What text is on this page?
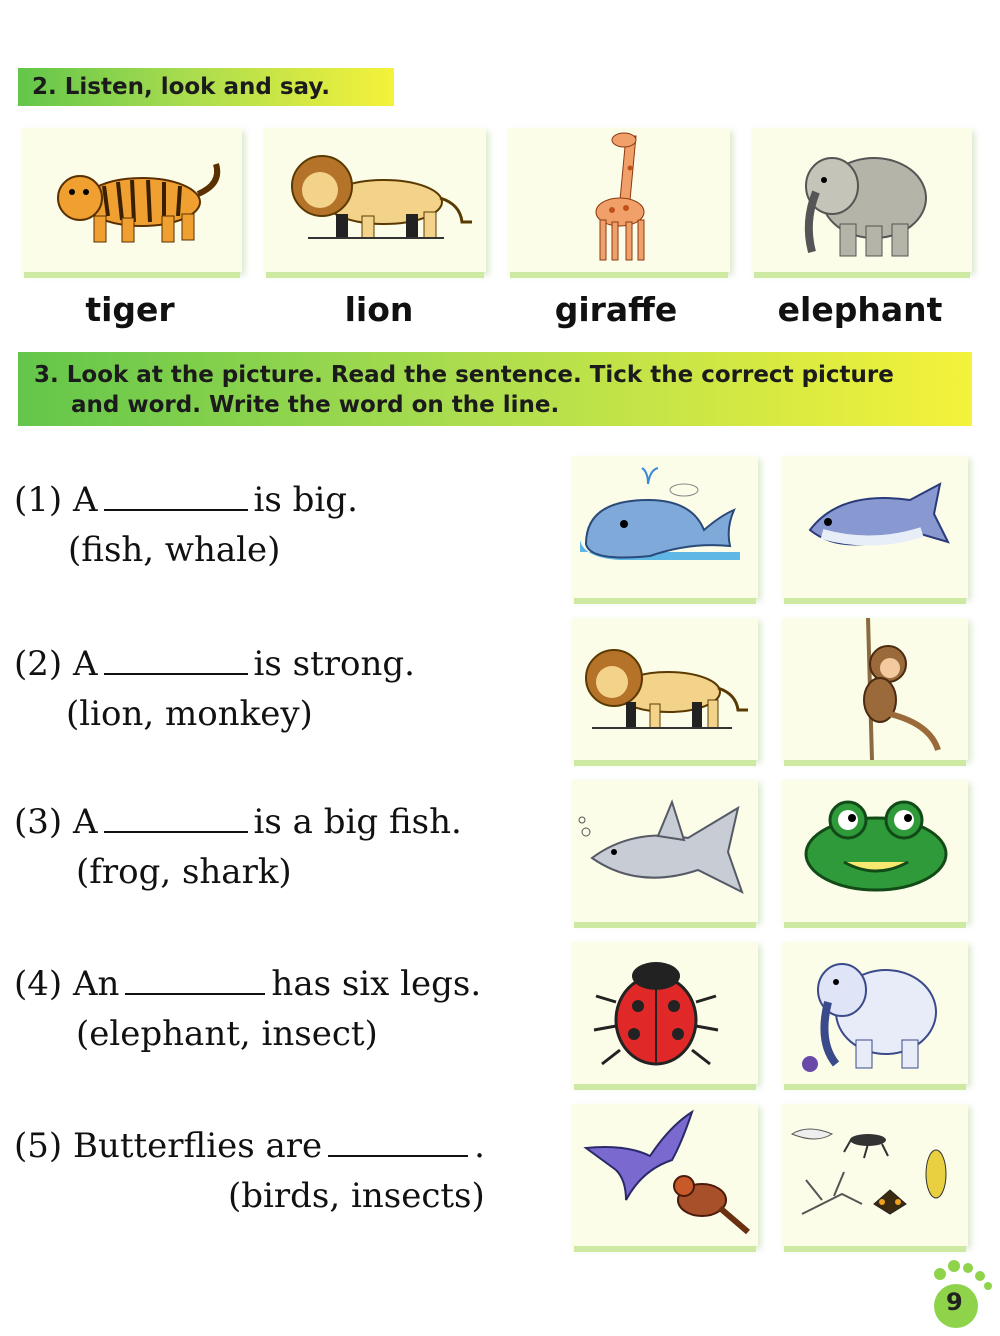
2. Listen, look and say.
tiger	lion	giraffe	elephant
3. Look at the picture. Read the sentence. Tick the correct picture
and word. Write the word on the line.
(1) A	is big.
(fish, whale)
(2) A	is strong.
(lion, monkey)
(3) A	is a big fish.
(frog, shark)
(4) An	has six legs.
(elephant, insect)
(5) Butterflies are	.
(birds, insects)
9
